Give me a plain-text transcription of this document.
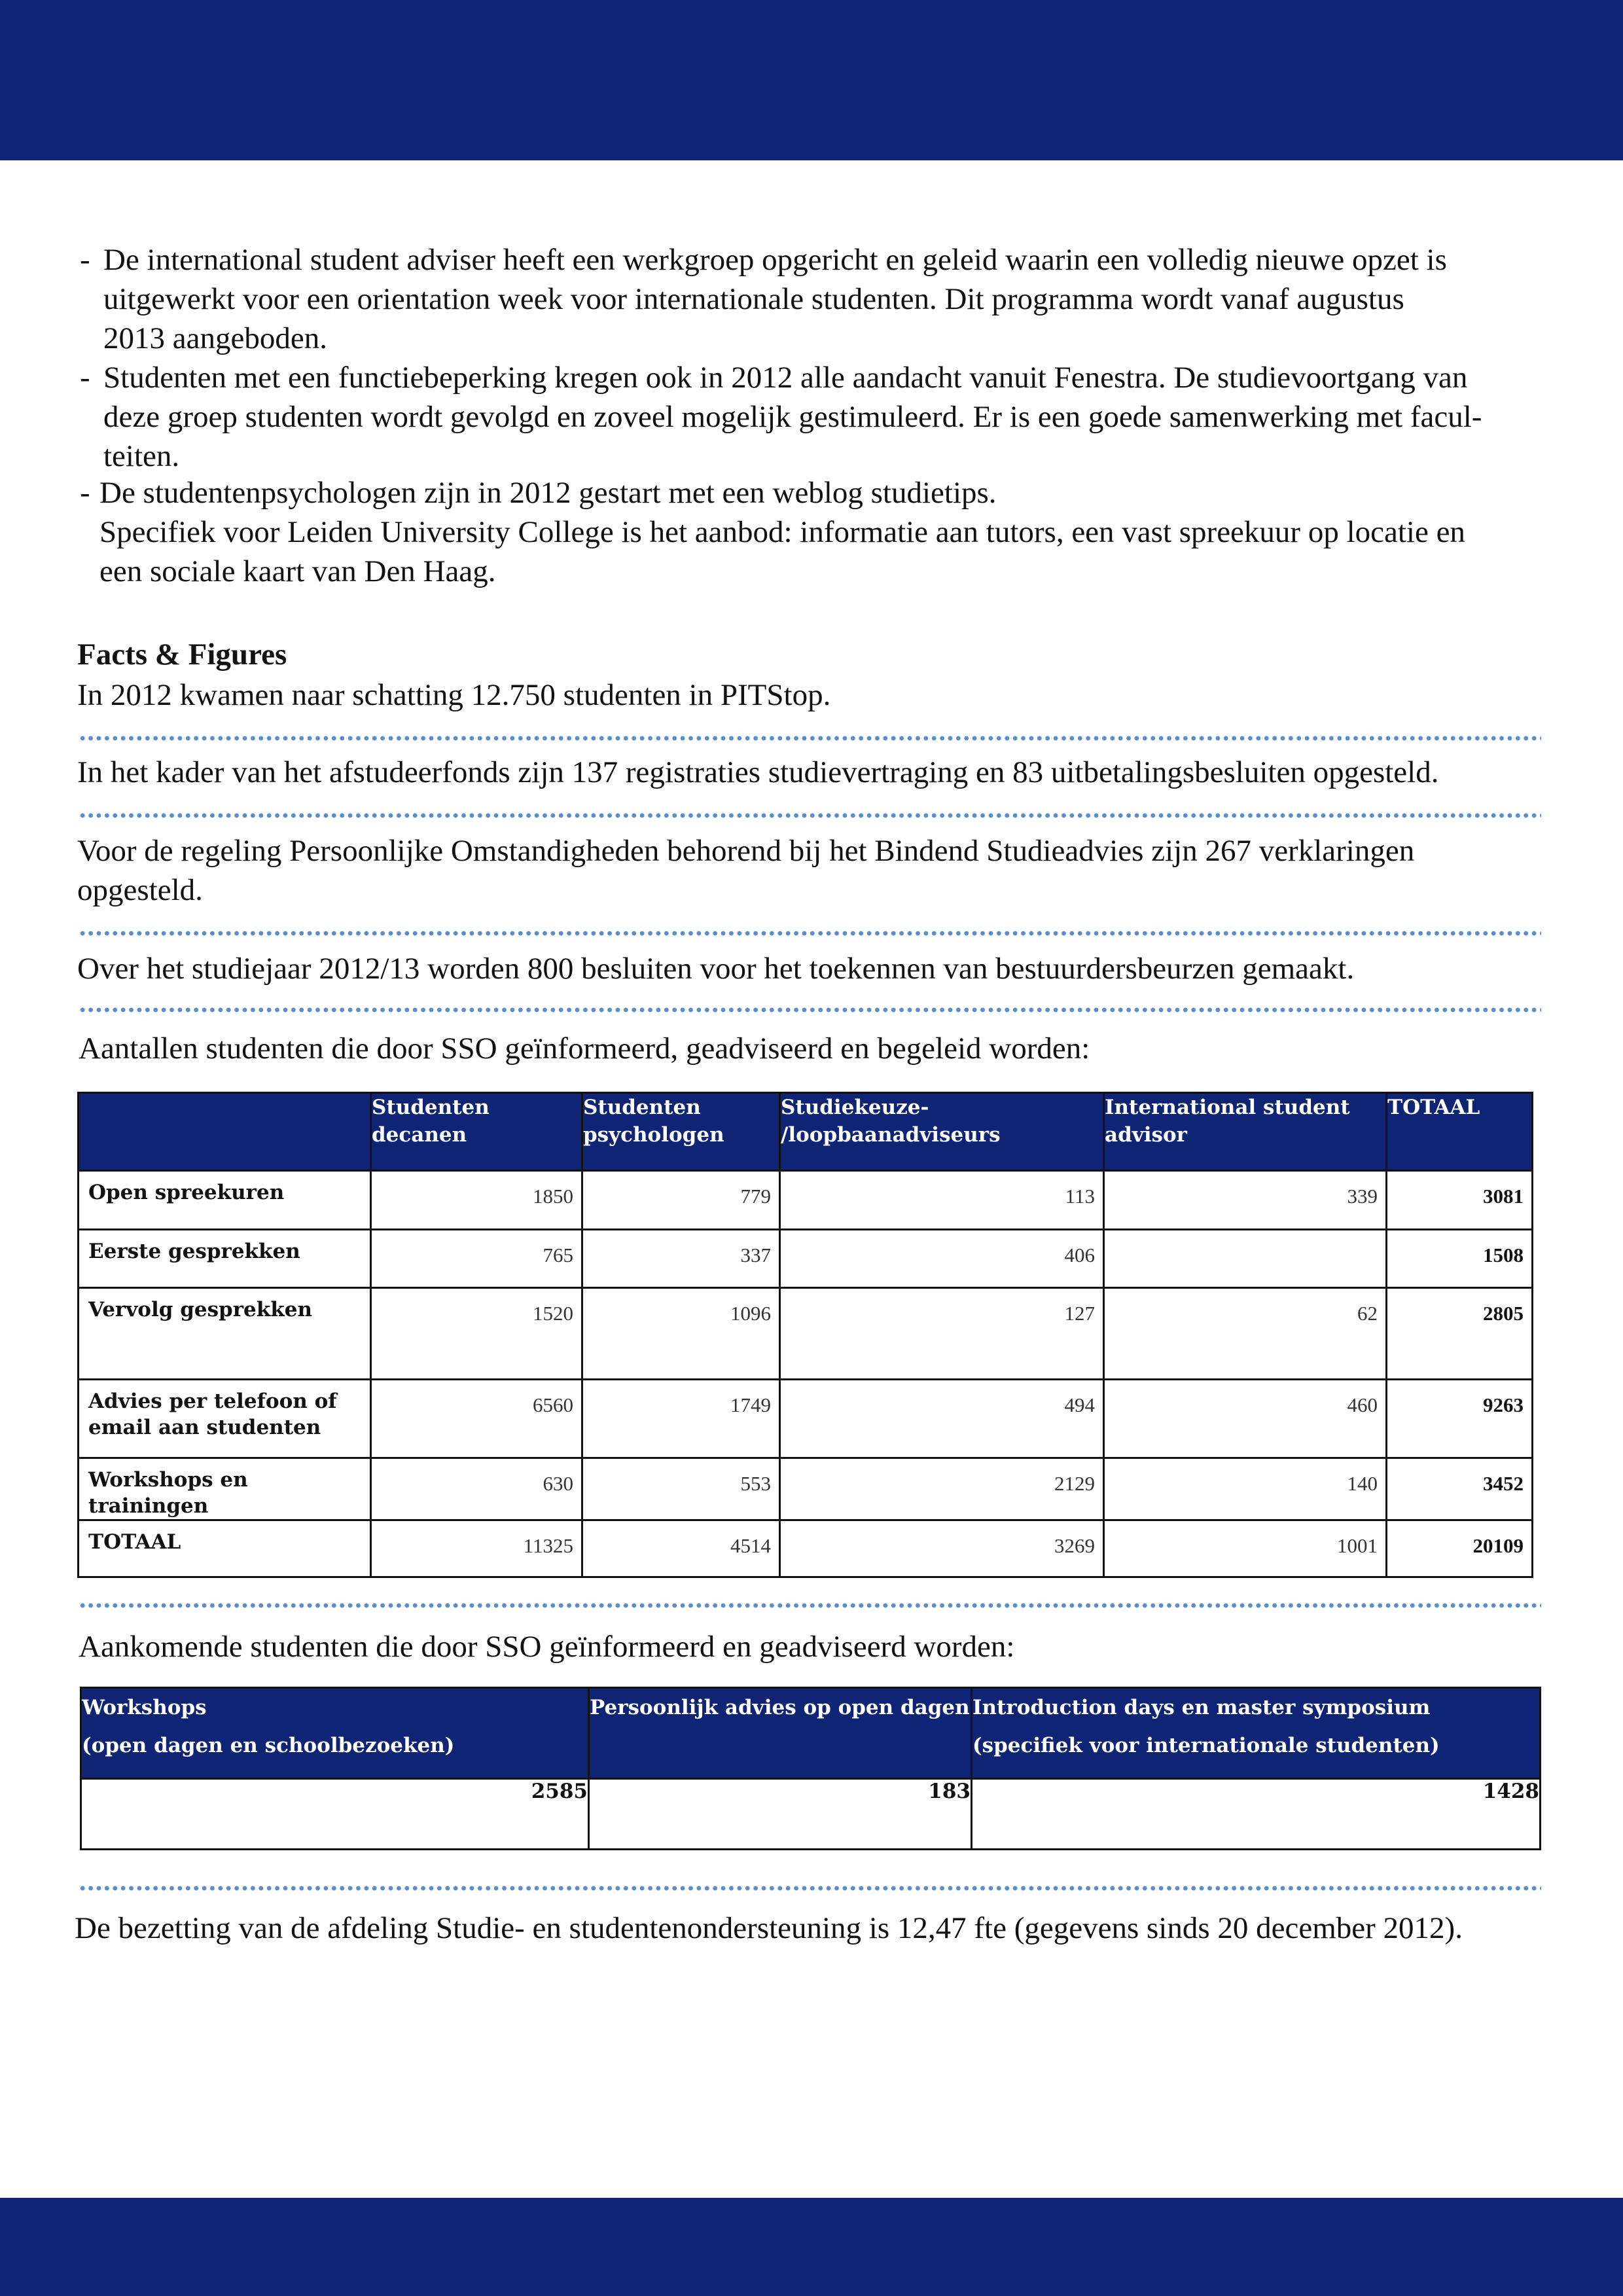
- De international student adviser heeft een werkgroep opgericht en geleid waarin een volledig nieuwe opzet is
uitgewerkt voor een orientation week voor internationale studenten. Dit programma wordt vanaf augustus
2013 aangeboden.
- Studenten met een functiebeperking kregen ook in 2012 alle aandacht vanuit Fenestra. De studievoortgang van
deze groep studenten wordt gevolgd en zoveel mogelijk gestimuleerd. Er is een goede samenwerking met facul-
teiten.
- De studentenpsychologen zijn in 2012 gestart met een weblog studietips.
Specifiek voor Leiden University College is het aanbod: informatie aan tutors, een vast spreekuur op locatie en
een sociale kaart van Den Haag.
Facts & Figures
In 2012 kwamen naar schatting 12.750 studenten in PITStop.
In het kader van het afstudeerfonds zijn 137 registraties studievertraging en 83 uitbetalingsbesluiten opgesteld.
Voor de regeling Persoonlijke Omstandigheden behorend bij het Bindend Studieadvies zijn 267 verklaringen
opgesteld.
Over het studiejaar 2012/13 worden 800 besluiten voor het toekennen van bestuurdersbeurzen gemaakt.
Aantallen studenten die door SSO geïnformeerd, geadviseerd en begeleid worden:
	Studenten
decanen	Studenten
psychologen	Studiekeuze-
/loopbaanadviseurs	International student
advisor	TOTAAL
Open spreekuren	1850	779	113	339	3081
Eerste gesprekken	765	337	406		1508
Vervolg gesprekken	1520	1096	127	62	2805
Advies per telefoon of
email aan studenten	6560	1749	494	460	9263
Workshops en trainingen	630	553	2129	140	3452
TOTAAL	11325	4514	3269	1001	20109
Aankomende studenten die door SSO geïnformeerd en geadviseerd worden:
Workshops
(open dagen en schoolbezoeken)	Persoonlijk advies op open dagen	Introduction days en master symposium
(specifiek voor internationale studenten)
2585	183	1428
De bezetting van de afdeling Studie- en studentenondersteuning is 12,47 fte (gegevens sinds 20 december 2012).
